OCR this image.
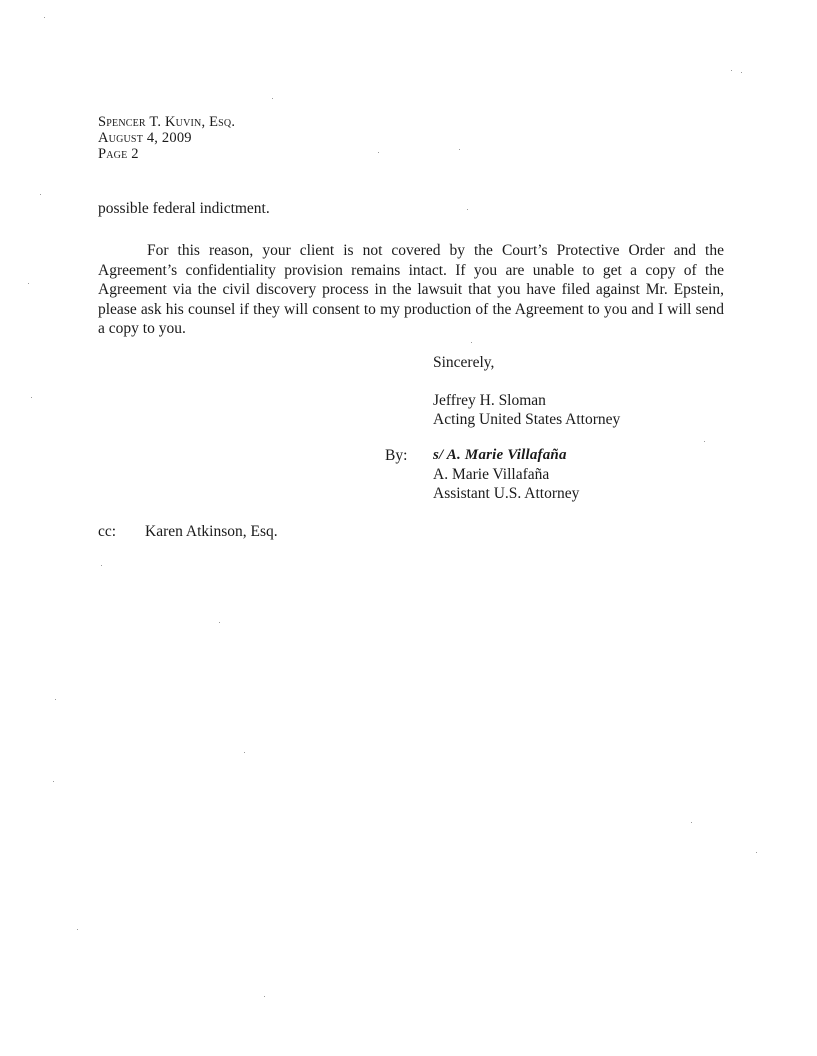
Spencer T. Kuvin, Esq.
August 4, 2009
Page 2
possible federal indictment.
For this reason, your client is not covered by the Court’s Protective Order and the Agreement’s confidentiality provision remains intact. If you are unable to get a copy of the Agreement via the civil discovery process in the lawsuit that you have filed against Mr. Epstein, please ask his counsel if they will consent to my production of the Agreement to you and I will send a copy to you.
Sincerely,
Jeffrey H. Sloman
Acting United States Attorney
By: s/ A. Marie Villafaña
A. Marie Villafaña
Assistant U.S. Attorney
cc: Karen Atkinson, Esq.
